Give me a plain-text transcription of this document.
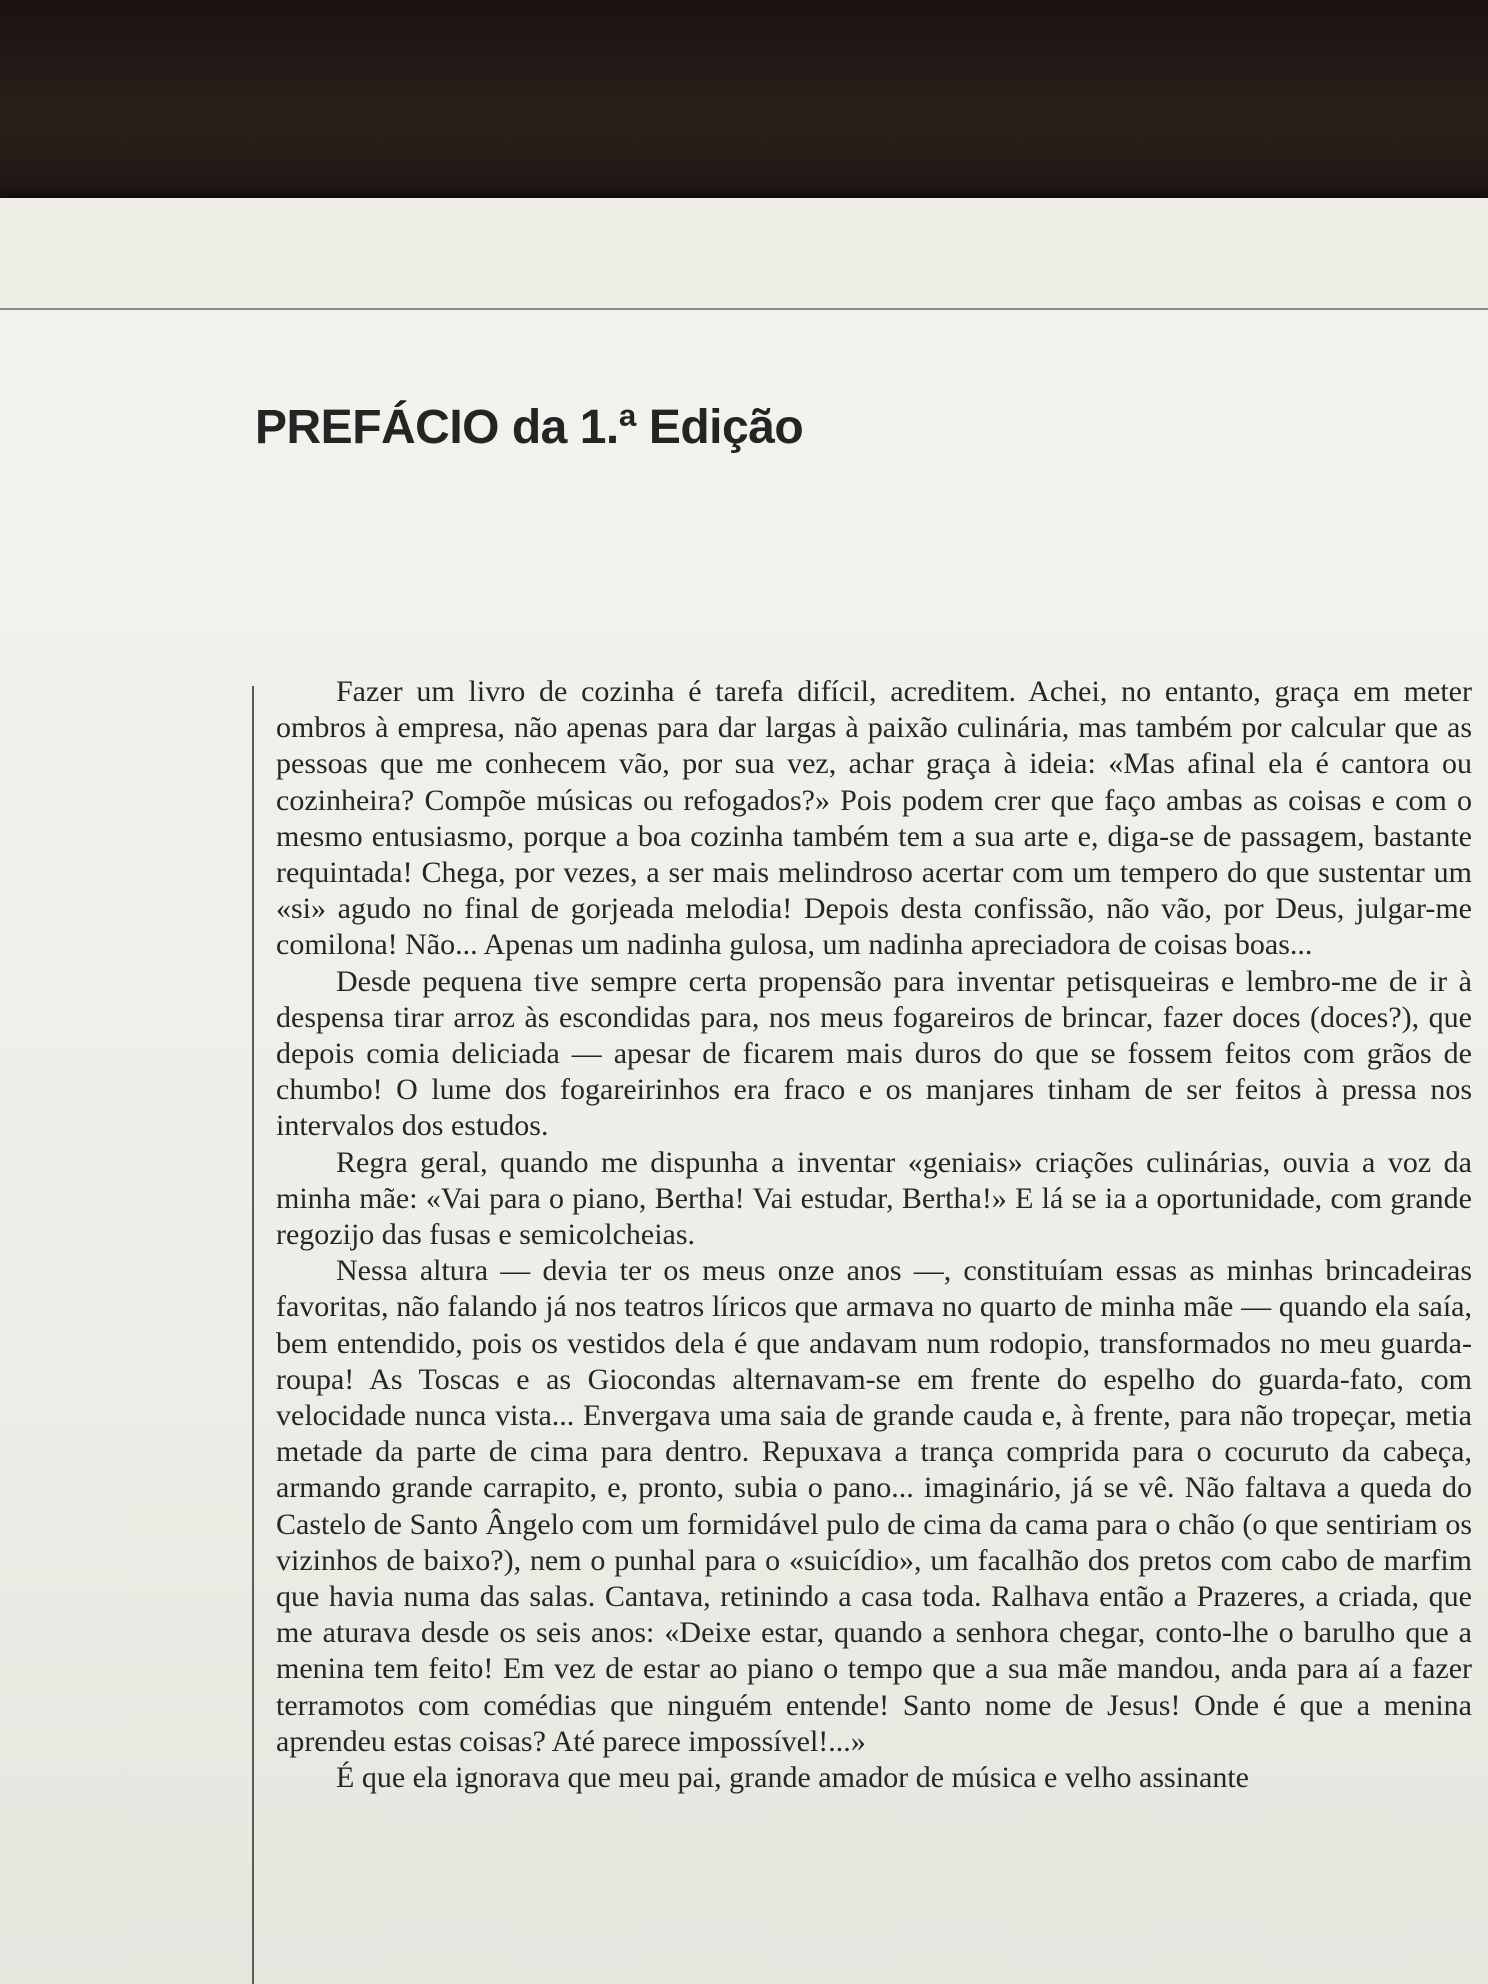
PREFÁCIO da 1.ª Edição

Fazer um livro de cozinha é tarefa difícil, acreditem. Achei, no entanto, graça em meter ombros à empresa, não apenas para dar largas à paixão culinária, mas também por calcular que as pessoas que me conhecem vão, por sua vez, achar graça à ideia: «Mas afinal ela é cantora ou cozinheira? Compõe músicas ou refogados?» Pois podem crer que faço ambas as coisas e com o mesmo entusiasmo, porque a boa cozinha também tem a sua arte e, diga-se de passagem, bastante requintada! Chega, por vezes, a ser mais melindroso acertar com um tempero do que sustentar um «si» agudo no final de gorjeada melodia! Depois desta confissão, não vão, por Deus, julgar-me comilona! Não... Apenas um nadinha gulosa, um nadinha apreciadora de coisas boas...

Desde pequena tive sempre certa propensão para inventar petisqueiras e lembro-me de ir à despensa tirar arroz às escondidas para, nos meus fogareiros de brincar, fazer doces (doces?), que depois comia deliciada — apesar de ficarem mais duros do que se fossem feitos com grãos de chumbo! O lume dos fogareirinhos era fraco e os manjares tinham de ser feitos à pressa nos intervalos dos estudos.

Regra geral, quando me dispunha a inventar «geniais» criações culinárias, ouvia a voz da minha mãe: «Vai para o piano, Bertha! Vai estudar, Bertha!» E lá se ia a oportunidade, com grande regozijo das fusas e semicolcheias.

Nessa altura — devia ter os meus onze anos —, constituíam essas as minhas brincadeiras favoritas, não falando já nos teatros líricos que armava no quarto de minha mãe — quando ela saía, bem entendido, pois os vestidos dela é que andavam num rodopio, transformados no meu guarda-roupa! As Toscas e as Giocondas alternavam-se em frente do espelho do guarda-fato, com velocidade nunca vista... Envergava uma saia de grande cauda e, à frente, para não tropeçar, metia metade da parte de cima para dentro. Repuxava a trança comprida para o cocuruto da cabeça, armando grande carrapito, e, pronto, subia o pano... imaginário, já se vê. Não faltava a queda do Castelo de Santo Ângelo com um formidável pulo de cima da cama para o chão (o que sentiriam os vizinhos de baixo?), nem o punhal para o «suicídio», um facalhão dos pretos com cabo de marfim que havia numa das salas. Cantava, retinindo a casa toda. Ralhava então a Prazeres, a criada, que me aturava desde os seis anos: «Deixe estar, quando a senhora chegar, conto-lhe o barulho que a menina tem feito! Em vez de estar ao piano o tempo que a sua mãe mandou, anda para aí a fazer terramotos com comédias que ninguém entende! Santo nome de Jesus! Onde é que a menina aprendeu estas coisas? Até parece impossível!...»

É que ela ignorava que meu pai, grande amador de música e velho assinante
